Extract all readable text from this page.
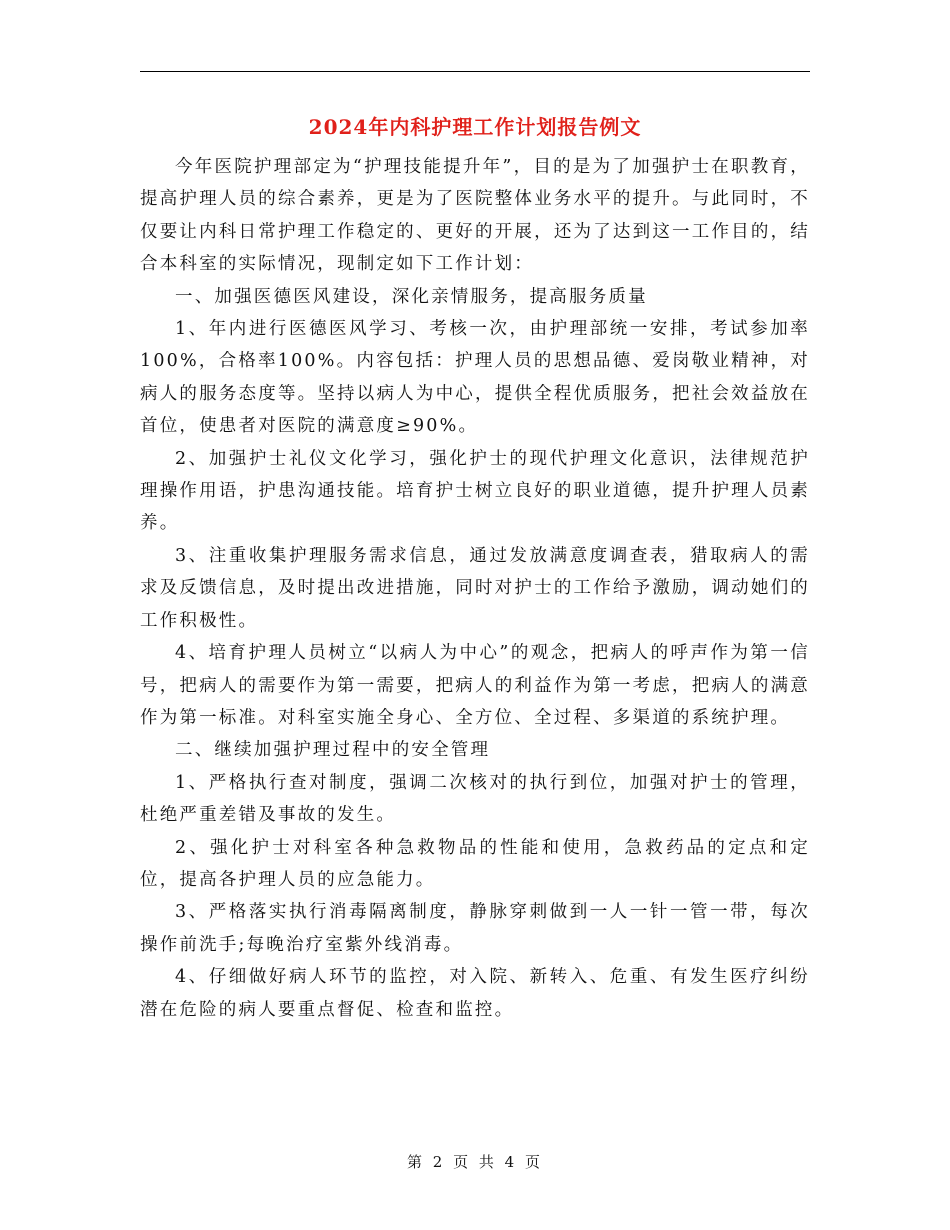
2024年内科护理工作计划报告例文

今年医院护理部定为“护理技能提升年”，目的是为了加强护士在职教育，提高护理人员的综合素养，更是为了医院整体业务水平的提升。与此同时，不仅要让内科日常护理工作稳定的、更好的开展，还为了达到这一工作目的，结合本科室的实际情况，现制定如下工作计划：

一、加强医德医风建设，深化亲情服务，提高服务质量

1、年内进行医德医风学习、考核一次，由护理部统一安排，考试参加率100%，合格率100%。内容包括：护理人员的思想品德、爱岗敬业精神，对病人的服务态度等。坚持以病人为中心，提供全程优质服务，把社会效益放在首位，使患者对医院的满意度≥90%。

2、加强护士礼仪文化学习，强化护士的现代护理文化意识，法律规范护理操作用语，护患沟通技能。培育护士树立良好的职业道德，提升护理人员素养。

3、注重收集护理服务需求信息，通过发放满意度调查表，猎取病人的需求及反馈信息，及时提出改进措施，同时对护士的工作给予激励，调动她们的工作积极性。

4、培育护理人员树立“以病人为中心”的观念，把病人的呼声作为第一信号，把病人的需要作为第一需要，把病人的利益作为第一考虑，把病人的满意作为第一标准。对科室实施全身心、全方位、全过程、多渠道的系统护理。

二、继续加强护理过程中的安全管理

1、严格执行查对制度，强调二次核对的执行到位，加强对护士的管理，杜绝严重差错及事故的发生。

2、强化护士对科室各种急救物品的性能和使用，急救药品的定点和定位，提高各护理人员的应急能力。

3、严格落实执行消毒隔离制度，静脉穿刺做到一人一针一管一带，每次操作前洗手;每晚治疗室紫外线消毒。

4、仔细做好病人环节的监控，对入院、新转入、危重、有发生医疗纠纷潜在危险的病人要重点督促、检查和监控。

第 2 页 共 4 页
